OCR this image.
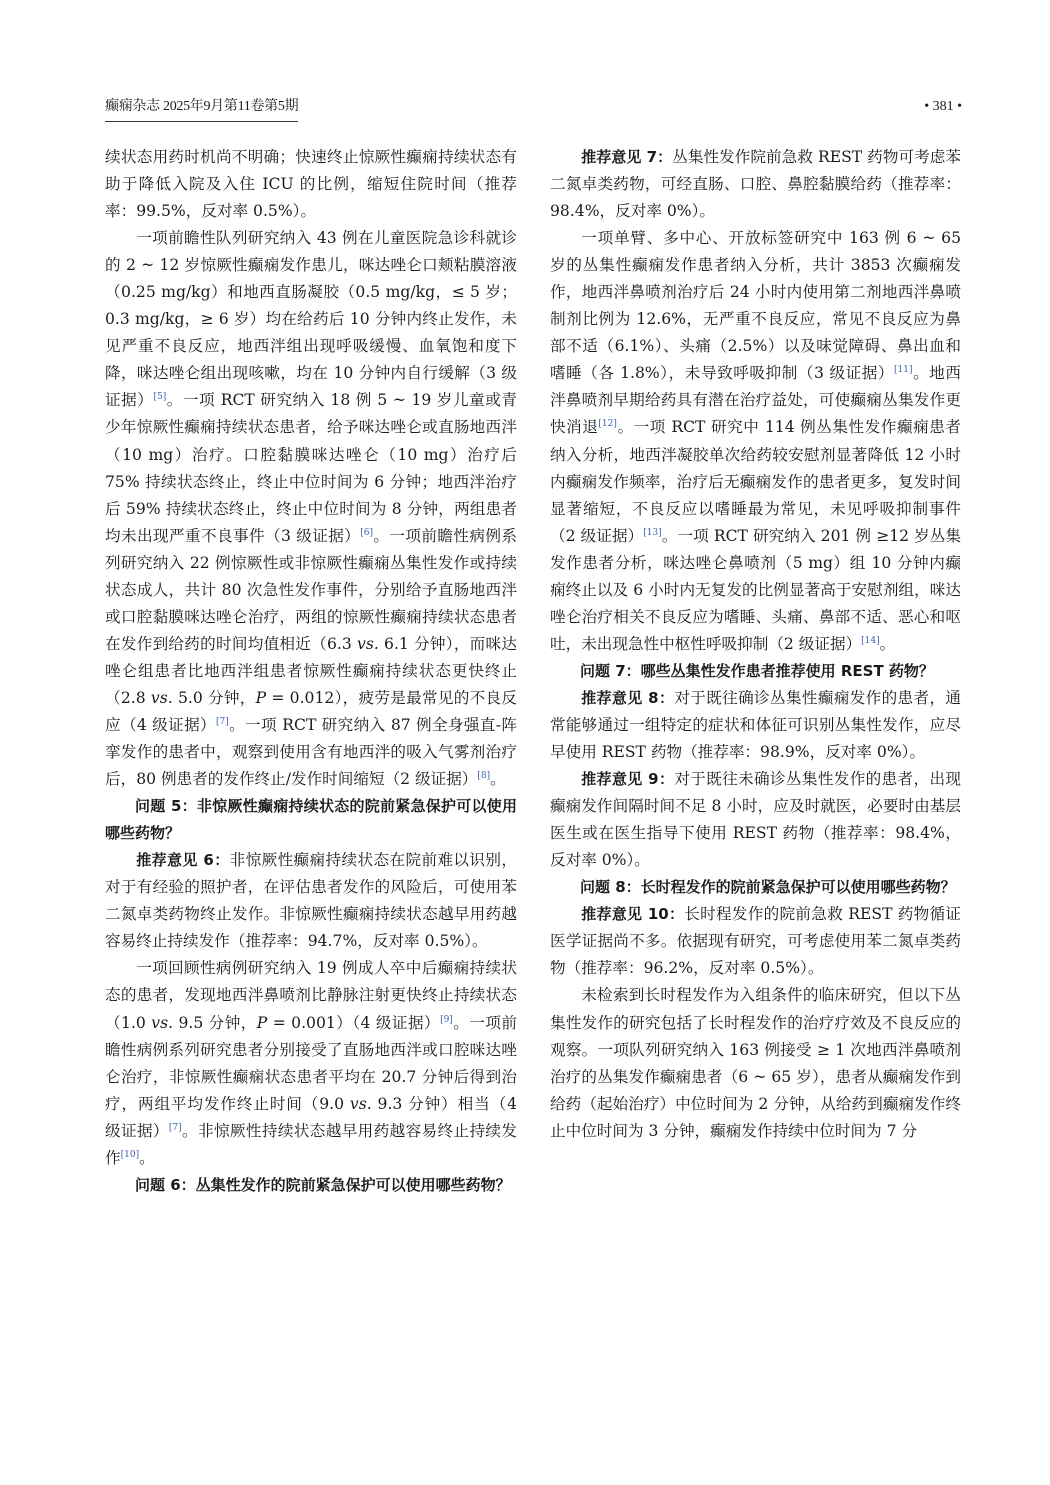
癫痫杂志 2025年9月第11卷第5期	• 381 •

续状态用药时机尚不明确；快速终止惊厥性癫痫持续状态有助于降低入院及入住 ICU 的比例，缩短住院时间（推荐率：99.5%，反对率 0.5%）。

一项前瞻性队列研究纳入 43 例在儿童医院急诊科就诊的 2 ~ 12 岁惊厥性癫痫发作患儿，咪达唑仑口颊粘膜溶液（0.25 mg/kg）和地西直肠凝胶（0.5 mg/kg，≤ 5 岁；0.3 mg/kg，≥ 6 岁）均在给药后 10 分钟内终止发作，未见严重不良反应，地西泮组出现呼吸缓慢、血氧饱和度下降，咪达唑仑组出现咳嗽，均在 10 分钟内自行缓解（3 级证据）[5]。一项 RCT 研究纳入 18 例 5 ~ 19 岁儿童或青少年惊厥性癫痫持续状态患者，给予咪达唑仑或直肠地西泮（10 mg）治疗。口腔黏膜咪达唑仑（10 mg）治疗后 75% 持续状态终止，终止中位时间为 6 分钟；地西泮治疗后 59% 持续状态终止，终止中位时间为 8 分钟，两组患者均未出现严重不良事件（3 级证据）[6]。一项前瞻性病例系列研究纳入 22 例惊厥性或非惊厥性癫痫丛集性发作或持续状态成人，共计 80 次急性发作事件，分别给予直肠地西泮或口腔黏膜咪达唑仑治疗，两组的惊厥性癫痫持续状态患者在发作到给药的时间均值相近（6.3 vs. 6.1 分钟），而咪达唑仑组患者比地西泮组患者惊厥性癫痫持续状态更快终止（2.8 vs. 5.0 分钟，P = 0.012），疲劳是最常见的不良反应（4 级证据）[7]。一项 RCT 研究纳入 87 例全身强直-阵挛发作的患者中，观察到使用含有地西泮的吸入气雾剂治疗后，80 例患者的发作终止/发作时间缩短（2 级证据）[8]。

问题 5：非惊厥性癫痫持续状态的院前紧急保护可以使用哪些药物？

推荐意见 6：非惊厥性癫痫持续状态在院前难以识别，对于有经验的照护者，在评估患者发作的风险后，可使用苯二氮卓类药物终止发作。非惊厥性癫痫持续状态越早用药越容易终止持续发作（推荐率：94.7%，反对率 0.5%）。

一项回顾性病例研究纳入 19 例成人卒中后癫痫持续状态的患者，发现地西泮鼻喷剂比静脉注射更快终止持续状态（1.0 vs. 9.5 分钟，P = 0.001）（4 级证据）[9]。一项前瞻性病例系列研究患者分别接受了直肠地西泮或口腔咪达唑仑治疗，非惊厥性癫痫状态患者平均在 20.7 分钟后得到治疗，两组平均发作终止时间（9.0 vs. 9.3 分钟）相当（4 级证据）[7]。非惊厥性持续状态越早用药越容易终止持续发作[10]。

问题 6：丛集性发作的院前紧急保护可以使用哪些药物？

推荐意见 7：丛集性发作院前急救 REST 药物可考虑苯二氮卓类药物，可经直肠、口腔、鼻腔黏膜给药（推荐率：98.4%，反对率 0%）。

一项单臂、多中心、开放标签研究中 163 例 6 ~ 65 岁的丛集性癫痫发作患者纳入分析，共计 3853 次癫痫发作，地西泮鼻喷剂治疗后 24 小时内使用第二剂地西泮鼻喷制剂比例为 12.6%，无严重不良反应，常见不良反应为鼻部不适（6.1%）、头痛（2.5%）以及味觉障碍、鼻出血和嗜睡（各 1.8%），未导致呼吸抑制（3 级证据）[11]。地西泮鼻喷剂早期给药具有潜在治疗益处，可使癫痫丛集发作更快消退[12]。一项 RCT 研究中 114 例丛集性发作癫痫患者纳入分析，地西泮凝胶单次给药较安慰剂显著降低 12 小时内癫痫发作频率，治疗后无癫痫发作的患者更多，复发时间显著缩短，不良反应以嗜睡最为常见，未见呼吸抑制事件（2 级证据）[13]。一项 RCT 研究纳入 201 例 ≥12 岁丛集发作患者分析，咪达唑仑鼻喷剂（5 mg）组 10 分钟内癫痫终止以及 6 小时内无复发的比例显著高于安慰剂组，咪达唑仑治疗相关不良反应为嗜睡、头痛、鼻部不适、恶心和呕吐，未出现急性中枢性呼吸抑制（2 级证据）[14]。

问题 7：哪些丛集性发作患者推荐使用 REST 药物？

推荐意见 8：对于既往确诊丛集性癫痫发作的患者，通常能够通过一组特定的症状和体征可识别丛集性发作，应尽早使用 REST 药物（推荐率：98.9%，反对率 0%）。

推荐意见 9：对于既往未确诊丛集性发作的患者，出现癫痫发作间隔时间不足 8 小时，应及时就医，必要时由基层医生或在医生指导下使用 REST 药物（推荐率：98.4%，反对率 0%）。

问题 8：长时程发作的院前紧急保护可以使用哪些药物？

推荐意见 10：长时程发作的院前急救 REST 药物循证医学证据尚不多。依据现有研究，可考虑使用苯二氮卓类药物（推荐率：96.2%，反对率 0.5%）。

未检索到长时程发作为入组条件的临床研究，但以下丛集性发作的研究包括了长时程发作的治疗疗效及不良反应的观察。一项队列研究纳入 163 例接受 ≥ 1 次地西泮鼻喷剂治疗的丛集发作癫痫患者（6 ~ 65 岁），患者从癫痫发作到给药（起始治疗）中位时间为 2 分钟，从给药到癫痫发作终止中位时间为 3 分钟，癫痫发作持续中位时间为 7 分
